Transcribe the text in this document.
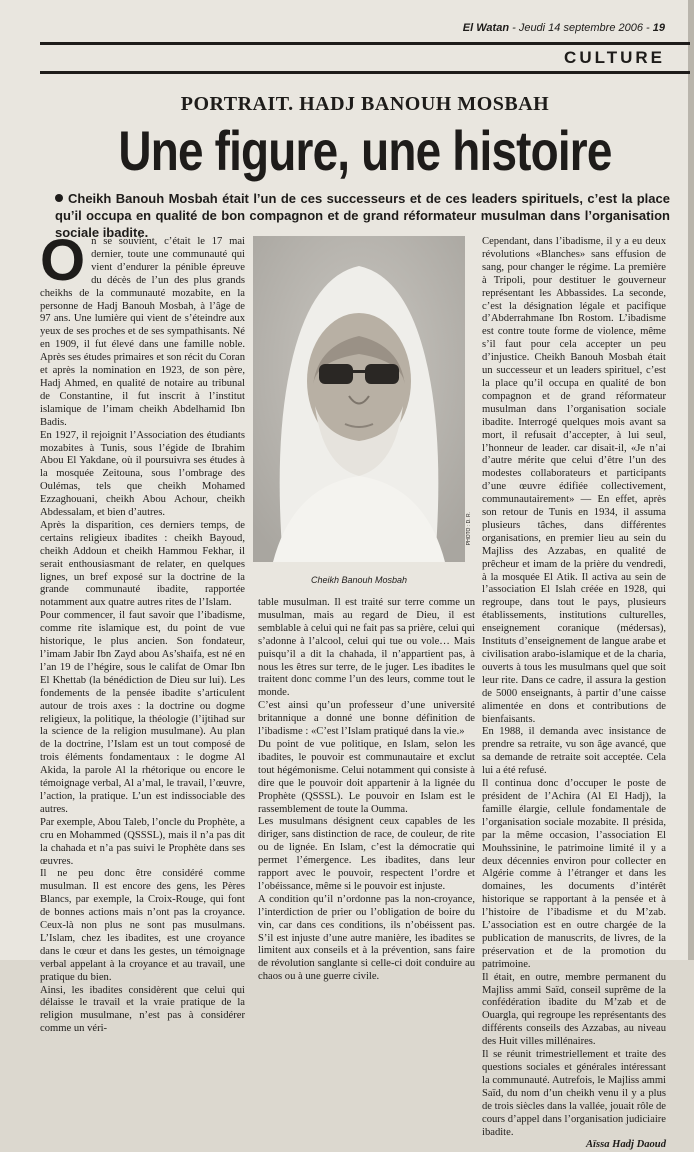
El Watan - Jeudi 14 septembre 2006 - 19
CULTURE
PORTRAIT. HADJ BANOUH MOSBAH
Une figure, une histoire
Cheikh Banouh Mosbah était l’un de ces successeurs et de ces leaders spirituels, c’est la place qu’il occupa en qualité de bon compagnon et de grand réformateur musulman dans l’organisation sociale ibadite.

On se souvient, c’était le 17 mai dernier, toute une communauté qui vient d’endurer la pénible épreuve du décès de l’un des plus grands cheikhs de la communauté mozabite, en la personne de Hadj Banouh Mosbah, à l’âge de 97 ans. Une lumière qui vient de s’éteindre aux yeux de ses proches et de ses sympathisants. Né en 1909, il fut élevé dans une famille noble. Après ses études primaires et son récit du Coran et après la nomination en 1923, de son père, Hadj Ahmed, en qualité de notaire au tribunal de Constantine, il fut inscrit à l’institut islamique de l’imam cheikh Abdelhamid Ibn Badis.

En 1927, il rejoignit l’Association des étudiants mozabites à Tunis, sous l’égide de Ibrahim Abou El Yakdane, où il poursuivra ses études à la mosquée Zeitouna, sous l’ombrage des Oulémas, tels que cheikh Mohamed Ezzaghouani, cheikh Abou Achour, cheikh Abdessalam, et bien d’autres.

Après la disparition, ces derniers temps, de certains religieux ibadites : cheikh Bayoud, cheikh Addoun et cheikh Hammou Fekhar, il serait enthousiasmant de relater, en quelques lignes, un bref exposé sur la doctrine de la grande communauté ibadite, rapportée notamment aux quatre autres rites de l’Islam.

Pour commencer, il faut savoir que l’ibadisme, comme rite islamique est, du point de vue historique, le plus ancien. Son fondateur, l’imam Jabir Ibn Zayd abou As’shaifa, est né en l’an 19 de l’hégire, sous le califat de Omar Ibn El Khettab (la bénédiction de Dieu sur lui). Les fondements de la pensée ibadite s’articulent autour de trois axes : la doctrine ou dogme religieux, la politique, la théologie (l’ijtihad sur la science de la religion musulmane). Au plan de la doctrine, l’Islam est un tout composé de trois éléments fondamentaux : le dogme Al Akida, la parole Al la rhétorique ou encore le témoignage verbal, Al a’mal, le travail, l’œuvre, l’action, la pratique. L’un est indissociable des autres.

Par exemple, Abou Taleb, l’oncle du Prophète, a cru en Mohammed (QSSSL), mais il n’a pas dit la chahada et n’a pas suivi le Prophète dans ses œuvres.

Il ne peu donc être considéré comme musulman. Il est encore des gens, les Pères Blancs, par exemple, la Croix-Rouge, qui font de bonnes actions mais n’ont pas la croyance. Ceux-là non plus ne sont pas musulmans. L’Islam, chez les ibadites, est une croyance dans le cœur et dans les gestes, un témoignage verbal appelant à la croyance et au travail, une pratique du bien.

Ainsi, les ibadites considèrent que celui qui délaisse le travail et la vraie pratique de la religion musulmane, n’est pas à considérer comme un véri-

Cheikh Banouh Mosbah
PHOTO : D. R.

table musulman. Il est traité sur terre comme un musulman, mais au regard de Dieu, il est semblable à celui qui ne fait pas sa prière, celui qui s’adonne à l’alcool, celui qui tue ou vole… Mais puisqu’il a dit la chahada, il n’appartient pas, à nous les êtres sur terre, de le juger. Les ibadites le traitent donc comme l’un des leurs, comme tout le monde.

C’est ainsi qu’un professeur d’une université britannique a donné une bonne définition de l’ibadisme : «C’est l’Islam pratiqué dans la vie.»

Du point de vue politique, en Islam, selon les ibadites, le pouvoir est communautaire et exclut tout hégémonisme. Celui notamment qui consiste à dire que le pouvoir doit appartenir à la lignée du Prophète (QSSSL). Le pouvoir en Islam est le rassemblement de toute la Oumma.

Les musulmans désignent ceux capables de les diriger, sans distinction de race, de couleur, de rite ou de lignée. En Islam, c’est la démocratie qui permet l’émergence. Les ibadites, dans leur rapport avec le pouvoir, respectent l’ordre et l’obéissance, même si le pouvoir est injuste.

A condition qu’il n’ordonne pas la non-croyance, l’interdiction de prier ou l’obligation de boire du vin, car dans ces conditions, ils n’obéissent pas. S’il est injuste d’une autre manière, les ibadites se limitent aux conseils et à la prévention, sans faire de révolution sanglante si celle-ci doit conduire au chaos ou à une guerre civile.

Cependant, dans l’ibadisme, il y a eu deux révolutions «Blanches» sans effusion de sang, pour changer le régime. La première à Tripoli, pour destituer le gouverneur représentant les Abbassides. La seconde, c’est la désignation légale et pacifique d’Abderrahmane Ibn Rostom. L’ibadisme est contre toute forme de violence, même s’il faut pour cela accepter un peu d’injustice. Cheikh Banouh Mosbah était un successeur et un leaders spirituel, c’est la place qu’il occupa en qualité de bon compagnon et de grand réformateur musulman dans l’organisation sociale ibadite. Interrogé quelques mois avant sa mort, il refusait d’accepter, à lui seul, l’honneur de leader. car disait-il, «Je n’ai d’autre mérite que celui d’être l’un des modestes collaborateurs et participants d’une œuvre édifiée collectivement, communautairement» — En effet, après son retour de Tunis en 1934, il assuma plusieurs tâches, dans différentes organisations, en premier lieu au sein du Majliss des Azzabas, en qualité de prêcheur et imam de la prière du vendredi, à la mosquée El Atik. Il activa au sein de l’association El Islah créée en 1928, qui regroupe, dans tout le pays, plusieurs établissements, institutions culturelles, enseignement coranique (médersas), Instituts d’enseignement de langue arabe et civilisation arabo-islamique et de la charia, ouverts à tous les musulmans quel que soit leur rite. Dans ce cadre, il assura la gestion de 5000 enseignants, à partir d’une caisse alimentée en dons et contributions de bienfaisants.

En 1988, il demanda avec insistance de prendre sa retraite, vu son âge avancé, que sa demande de retraite soit acceptée. Cela lui a été refusé.

Il continua donc d’occuper le poste de président de l’Achira (Al El Hadj), la famille élargie, cellule fondamentale de l’organisation sociale mozabite. Il présida, par la même occasion, l’association El Mouhssinine, le patrimoine limité il y a deux décennies environ pour collecter en Algérie comme à l’étranger et dans les domaines, les documents d’intérêt historique se rapportant à la pensée et à l’histoire de l’ibadisme et du M’zab. L’association est en outre chargée de la publication de manuscrits, de livres, de la préservation et de la promotion du patrimoine.

Il était, en outre, membre permanent du Majliss ammi Saïd, conseil suprême de la confédération ibadite du M’zab et de Ouargla, qui regroupe les représentants des différents conseils des Azzabas, au niveau des Huit villes millénaires.

Il se réunit trimestriellement et traite des questions sociales et générales intéressant la communauté. Autrefois, le Majliss ammi Saïd, du nom d’un cheikh venu il y a plus de trois siècles dans la vallée, jouait rôle de cours d’appel dans l’organisation judiciaire ibadite.

Aïssa Hadj Daoud
